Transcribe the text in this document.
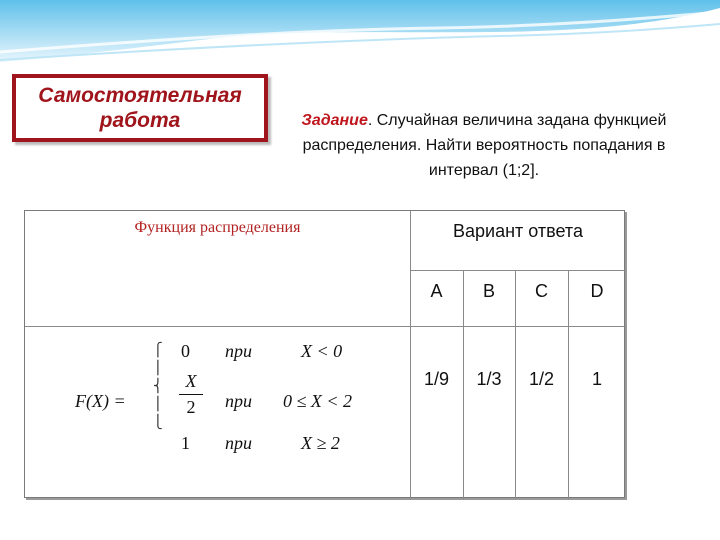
Самостоятельная работа	Задание. Случайная величина задана функцией распределения. Найти вероятность попадания в интервал (1;2].
Функция распределения	Вариант ответа
A	B	C	D
1/9	1/3	1/2	1
F(X) =
⎧
⎪
⎨
⎪
⎩
0 при	X < 0
X
2	при 0 ≤ X < 2
1 при	X ≥ 2
